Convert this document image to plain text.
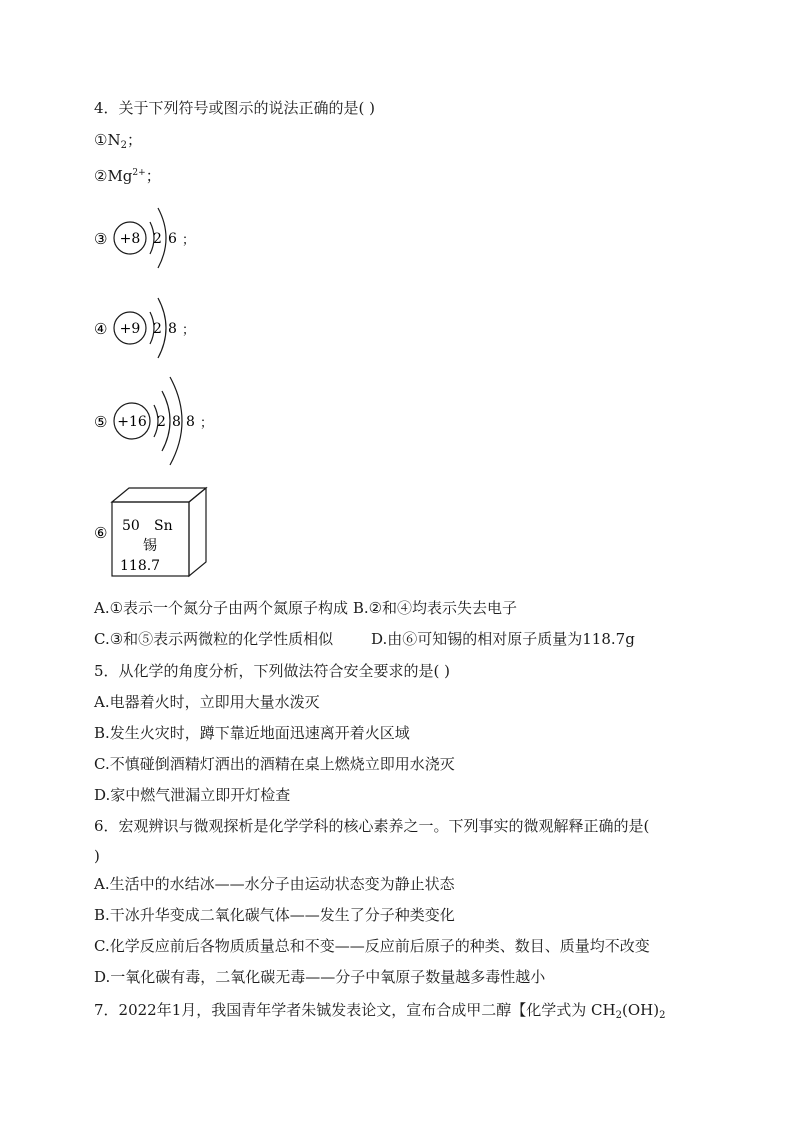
4．关于下列符号或图示的说法正确的是( )
$①N_2$；
$②Mg^{2+}$；
③ +8 2 6 ；
④ +9 2 8 ；
⑤ +16 2 8 8 ；
⑥ 50 Sn
锡
118.7
A.①表示一个氮分子由两个氮原子构成 B.②和④均表示失去电子
C.③和⑤表示两微粒的化学性质相似	D.由⑥可知锡的相对原子质量为118.7g
5．从化学的角度分析，下列做法符合安全要求的是( )
A.电器着火时，立即用大量水泼灭
B.发生火灾时，蹲下靠近地面迅速离开着火区域
C.不慎碰倒酒精灯洒出的酒精在桌上燃烧立即用水浇灭
D.家中燃气泄漏立即开灯检查
6．宏观辨识与微观探析是化学学科的核心素养之一。下列事实的微观解释正确的是(
)
A.生活中的水结冰——水分子由运动状态变为静止状态
B.干冰升华变成二氧化碳气体——发生了分子种类变化
C.化学反应前后各物质质量总和不变——反应前后原子的种类、数目、质量均不改变
D.一氧化碳有毒，二氧化碳无毒——分子中氧原子数量越多毒性越小
7．2022年1月，我国青年学者朱铖发表论文，宣布合成甲二醇【化学式为 $CH_2(OH)_2$
